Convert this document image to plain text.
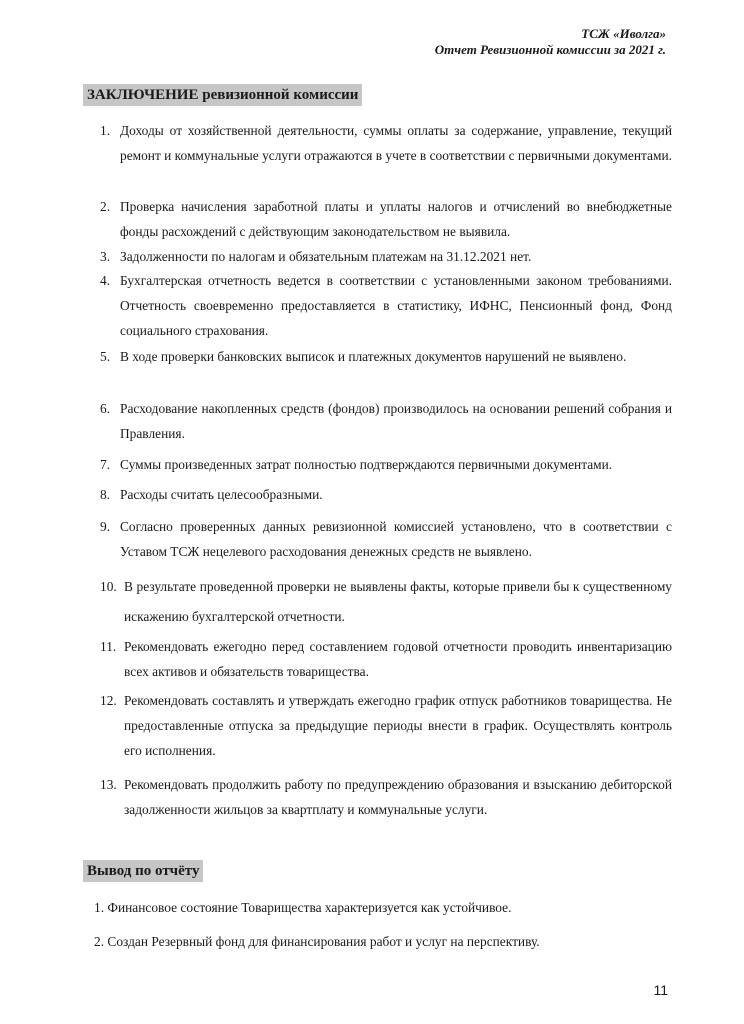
ТСЖ «Иволга»
Отчет Ревизионной комиссии за 2021 г.
ЗАКЛЮЧЕНИЕ ревизионной комиссии
1. Доходы от хозяйственной деятельности, суммы оплаты за содержание, управление, текущий ремонт и коммунальные услуги отражаются в учете в соответствии с первичными документами.
2. Проверка начисления заработной платы и уплаты налогов и отчислений во внебюджетные фонды расхождений с действующим законодательством не выявила.
3. Задолженности по налогам и обязательным платежам на 31.12.2021 нет.
4. Бухгалтерская отчетность ведется в соответствии с установленными законом требованиями. Отчетность своевременно предоставляется в статистику, ИФНС, Пенсионный фонд, Фонд социального страхования.
5. В ходе проверки банковских выписок и платежных документов нарушений не выявлено.
6. Расходование накопленных средств (фондов) производилось на основании решений собрания и Правления.
7. Суммы произведенных затрат полностью подтверждаются первичными документами.
8. Расходы считать целесообразными.
9. Согласно проверенных данных ревизионной комиссией установлено, что в соответствии с Уставом ТСЖ нецелевого расходования денежных средств не выявлено.
10. В результате проведенной проверки не выявлены факты, которые привели бы к существенному искажению бухгалтерской отчетности.
11. Рекомендовать ежегодно перед составлением годовой отчетности проводить инвентаризацию всех активов и обязательств товарищества.
12. Рекомендовать составлять и утверждать ежегодно график отпуск работников товарищества. Не предоставленные отпуска за предыдущие периоды внести в график. Осуществлять контроль его исполнения.
13. Рекомендовать продолжить работу по предупреждению образования и взысканию дебиторской задолженности жильцов за квартплату и коммунальные услуги.
Вывод по отчёту
1. Финансовое состояние Товарищества характеризуется как устойчивое.
2. Создан Резервный фонд для финансирования работ и услуг на перспективу.
11
